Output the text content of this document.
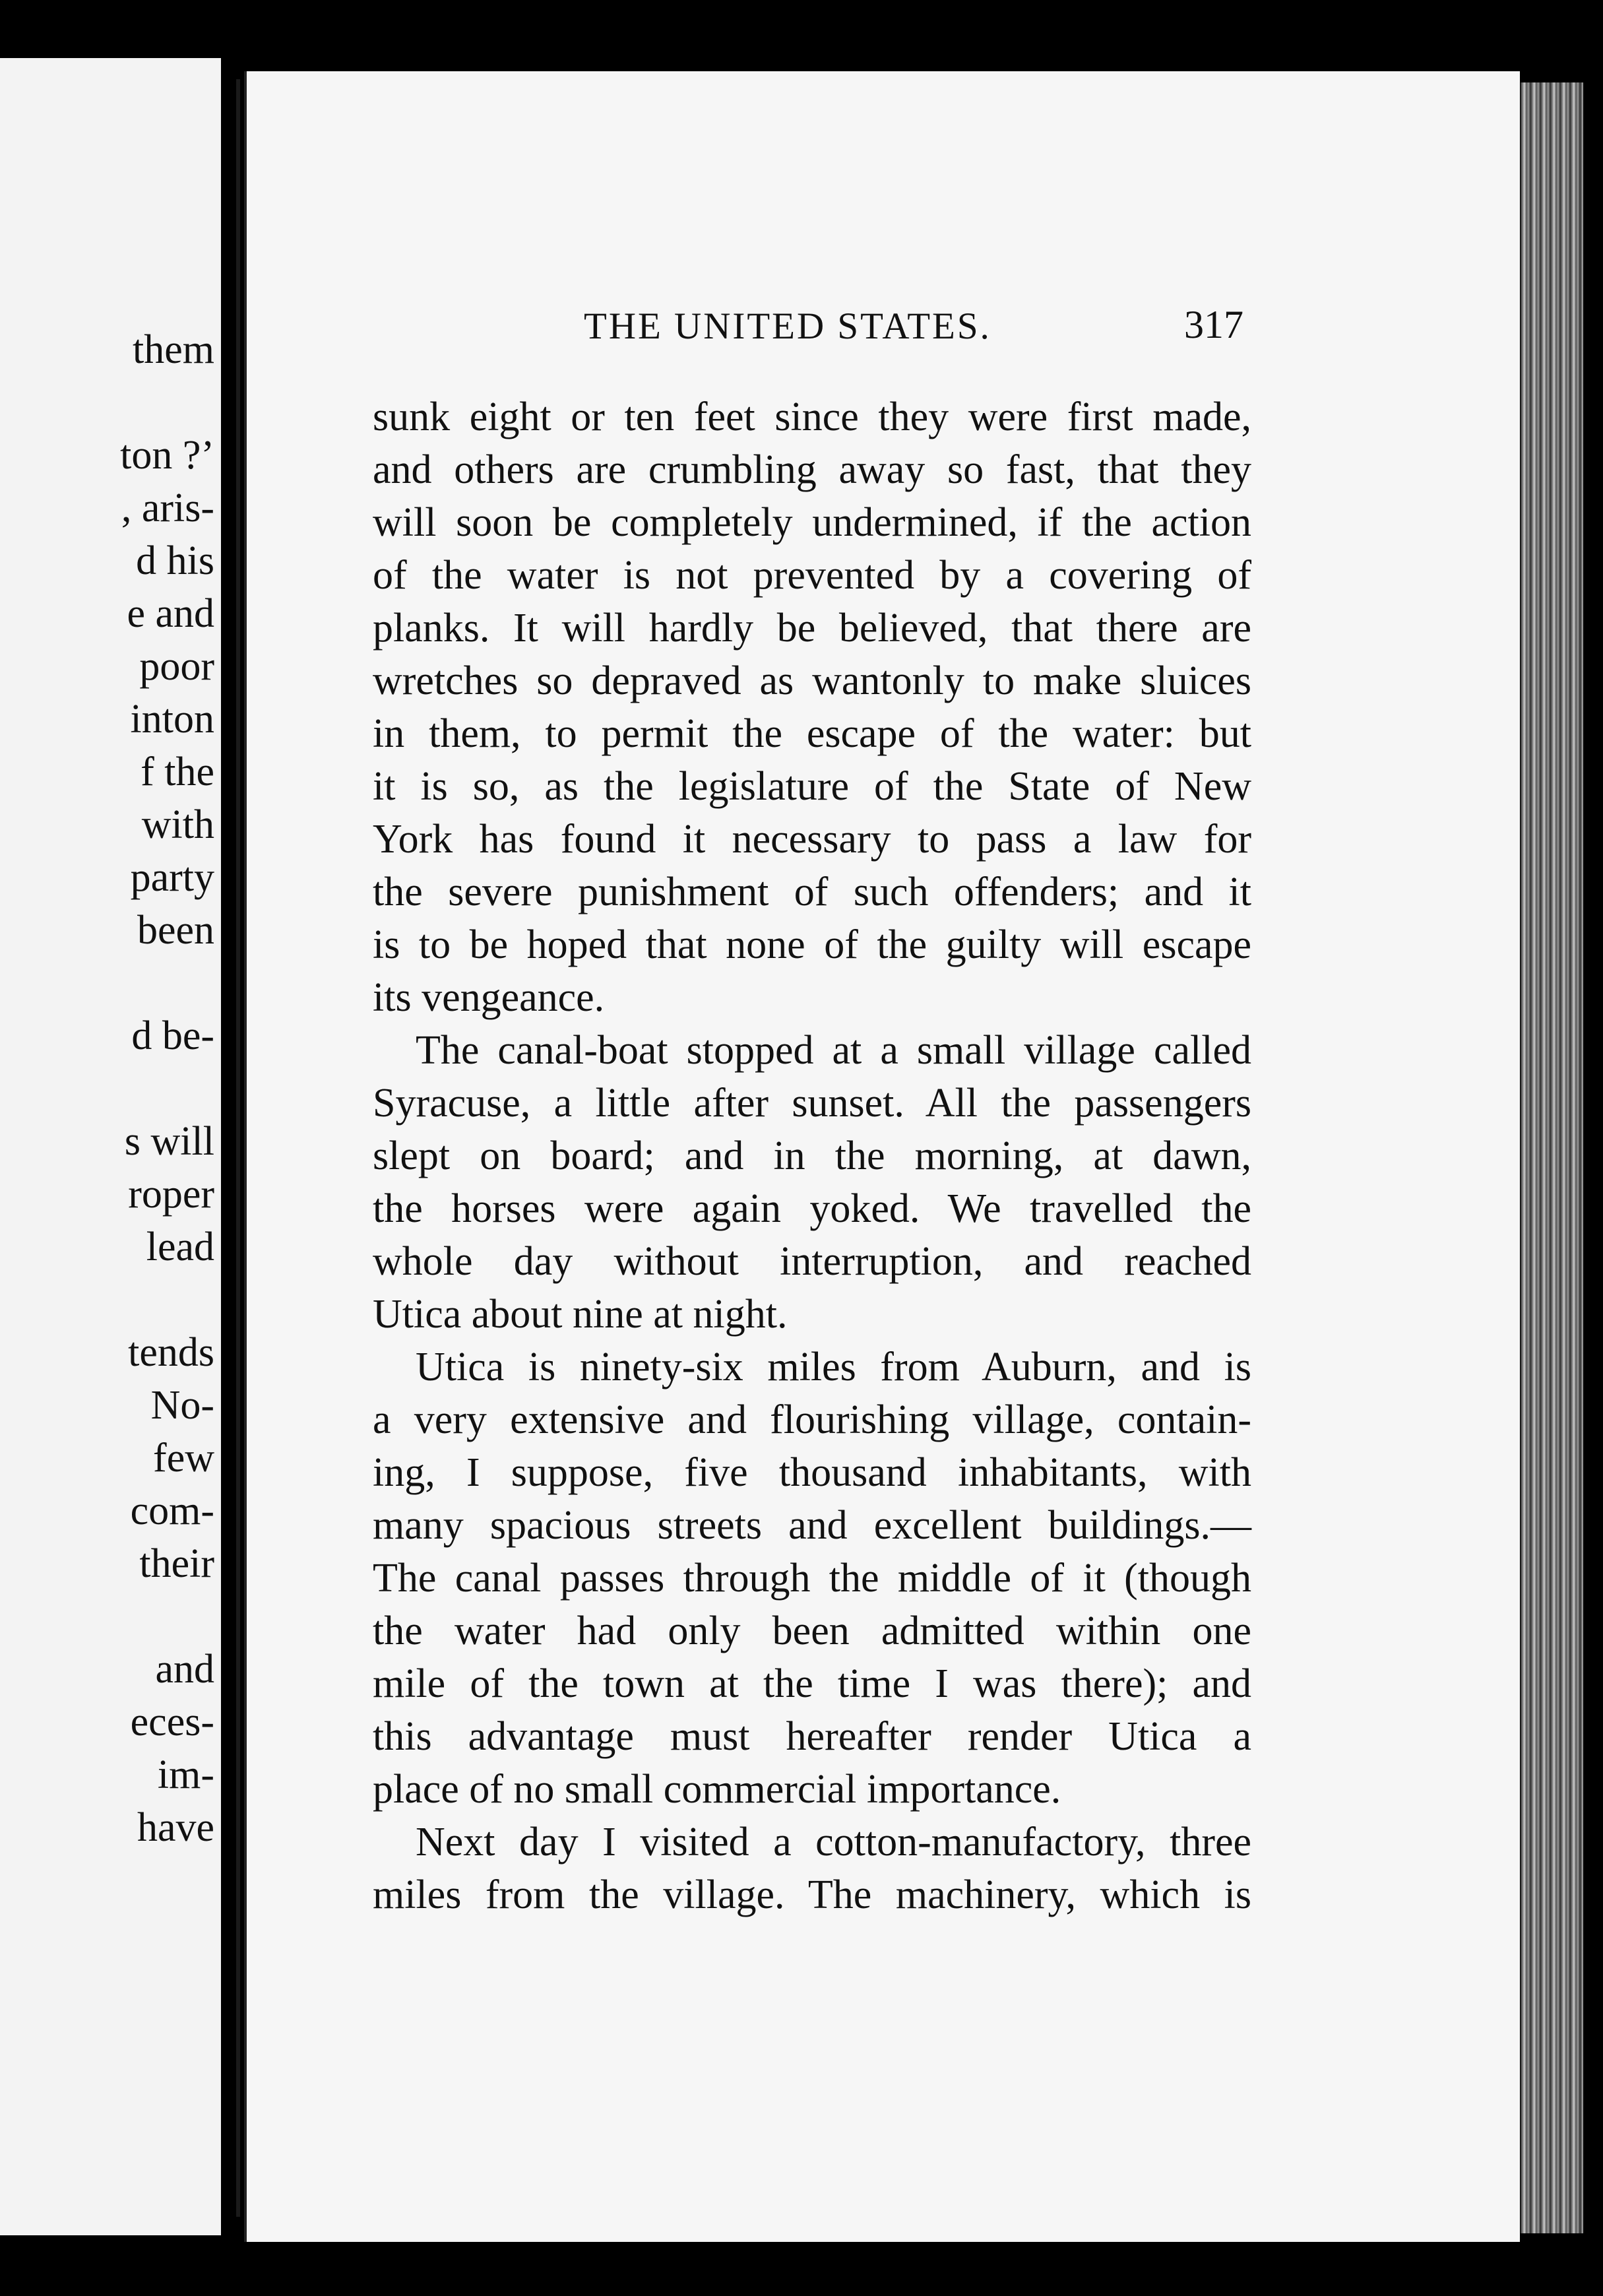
them
ton ?’
, aris-
d his
e and
poor
inton
f the
with
party
been
d be-
s will
roper
lead
tends
No-
few
com-
their
and
eces-
im-
have
THE UNITED STATES.	317
sunk eight or ten feet since they were first made,
and others are crumbling away so fast, that they
will soon be completely undermined, if the action
of the water is not prevented by a covering of
planks. It will hardly be believed, that there are
wretches so depraved as wantonly to make sluices
in them, to permit the escape of the water: but
it is so, as the legislature of the State of New
York has found it necessary to pass a law for
the severe punishment of such offenders; and it
is to be hoped that none of the guilty will escape
its vengeance.
The canal-boat stopped at a small village called
Syracuse, a little after sunset. All the passengers
slept on board; and in the morning, at dawn,
the horses were again yoked. We travelled the
whole day without interruption, and reached
Utica about nine at night.
Utica is ninety-six miles from Auburn, and is
a very extensive and flourishing village, contain-
ing, I suppose, five thousand inhabitants, with
many spacious streets and excellent buildings.—
The canal passes through the middle of it (though
the water had only been admitted within one
mile of the town at the time I was there); and
this advantage must hereafter render Utica a
place of no small commercial importance.
Next day I visited a cotton-manufactory, three
miles from the village. The machinery, which is
